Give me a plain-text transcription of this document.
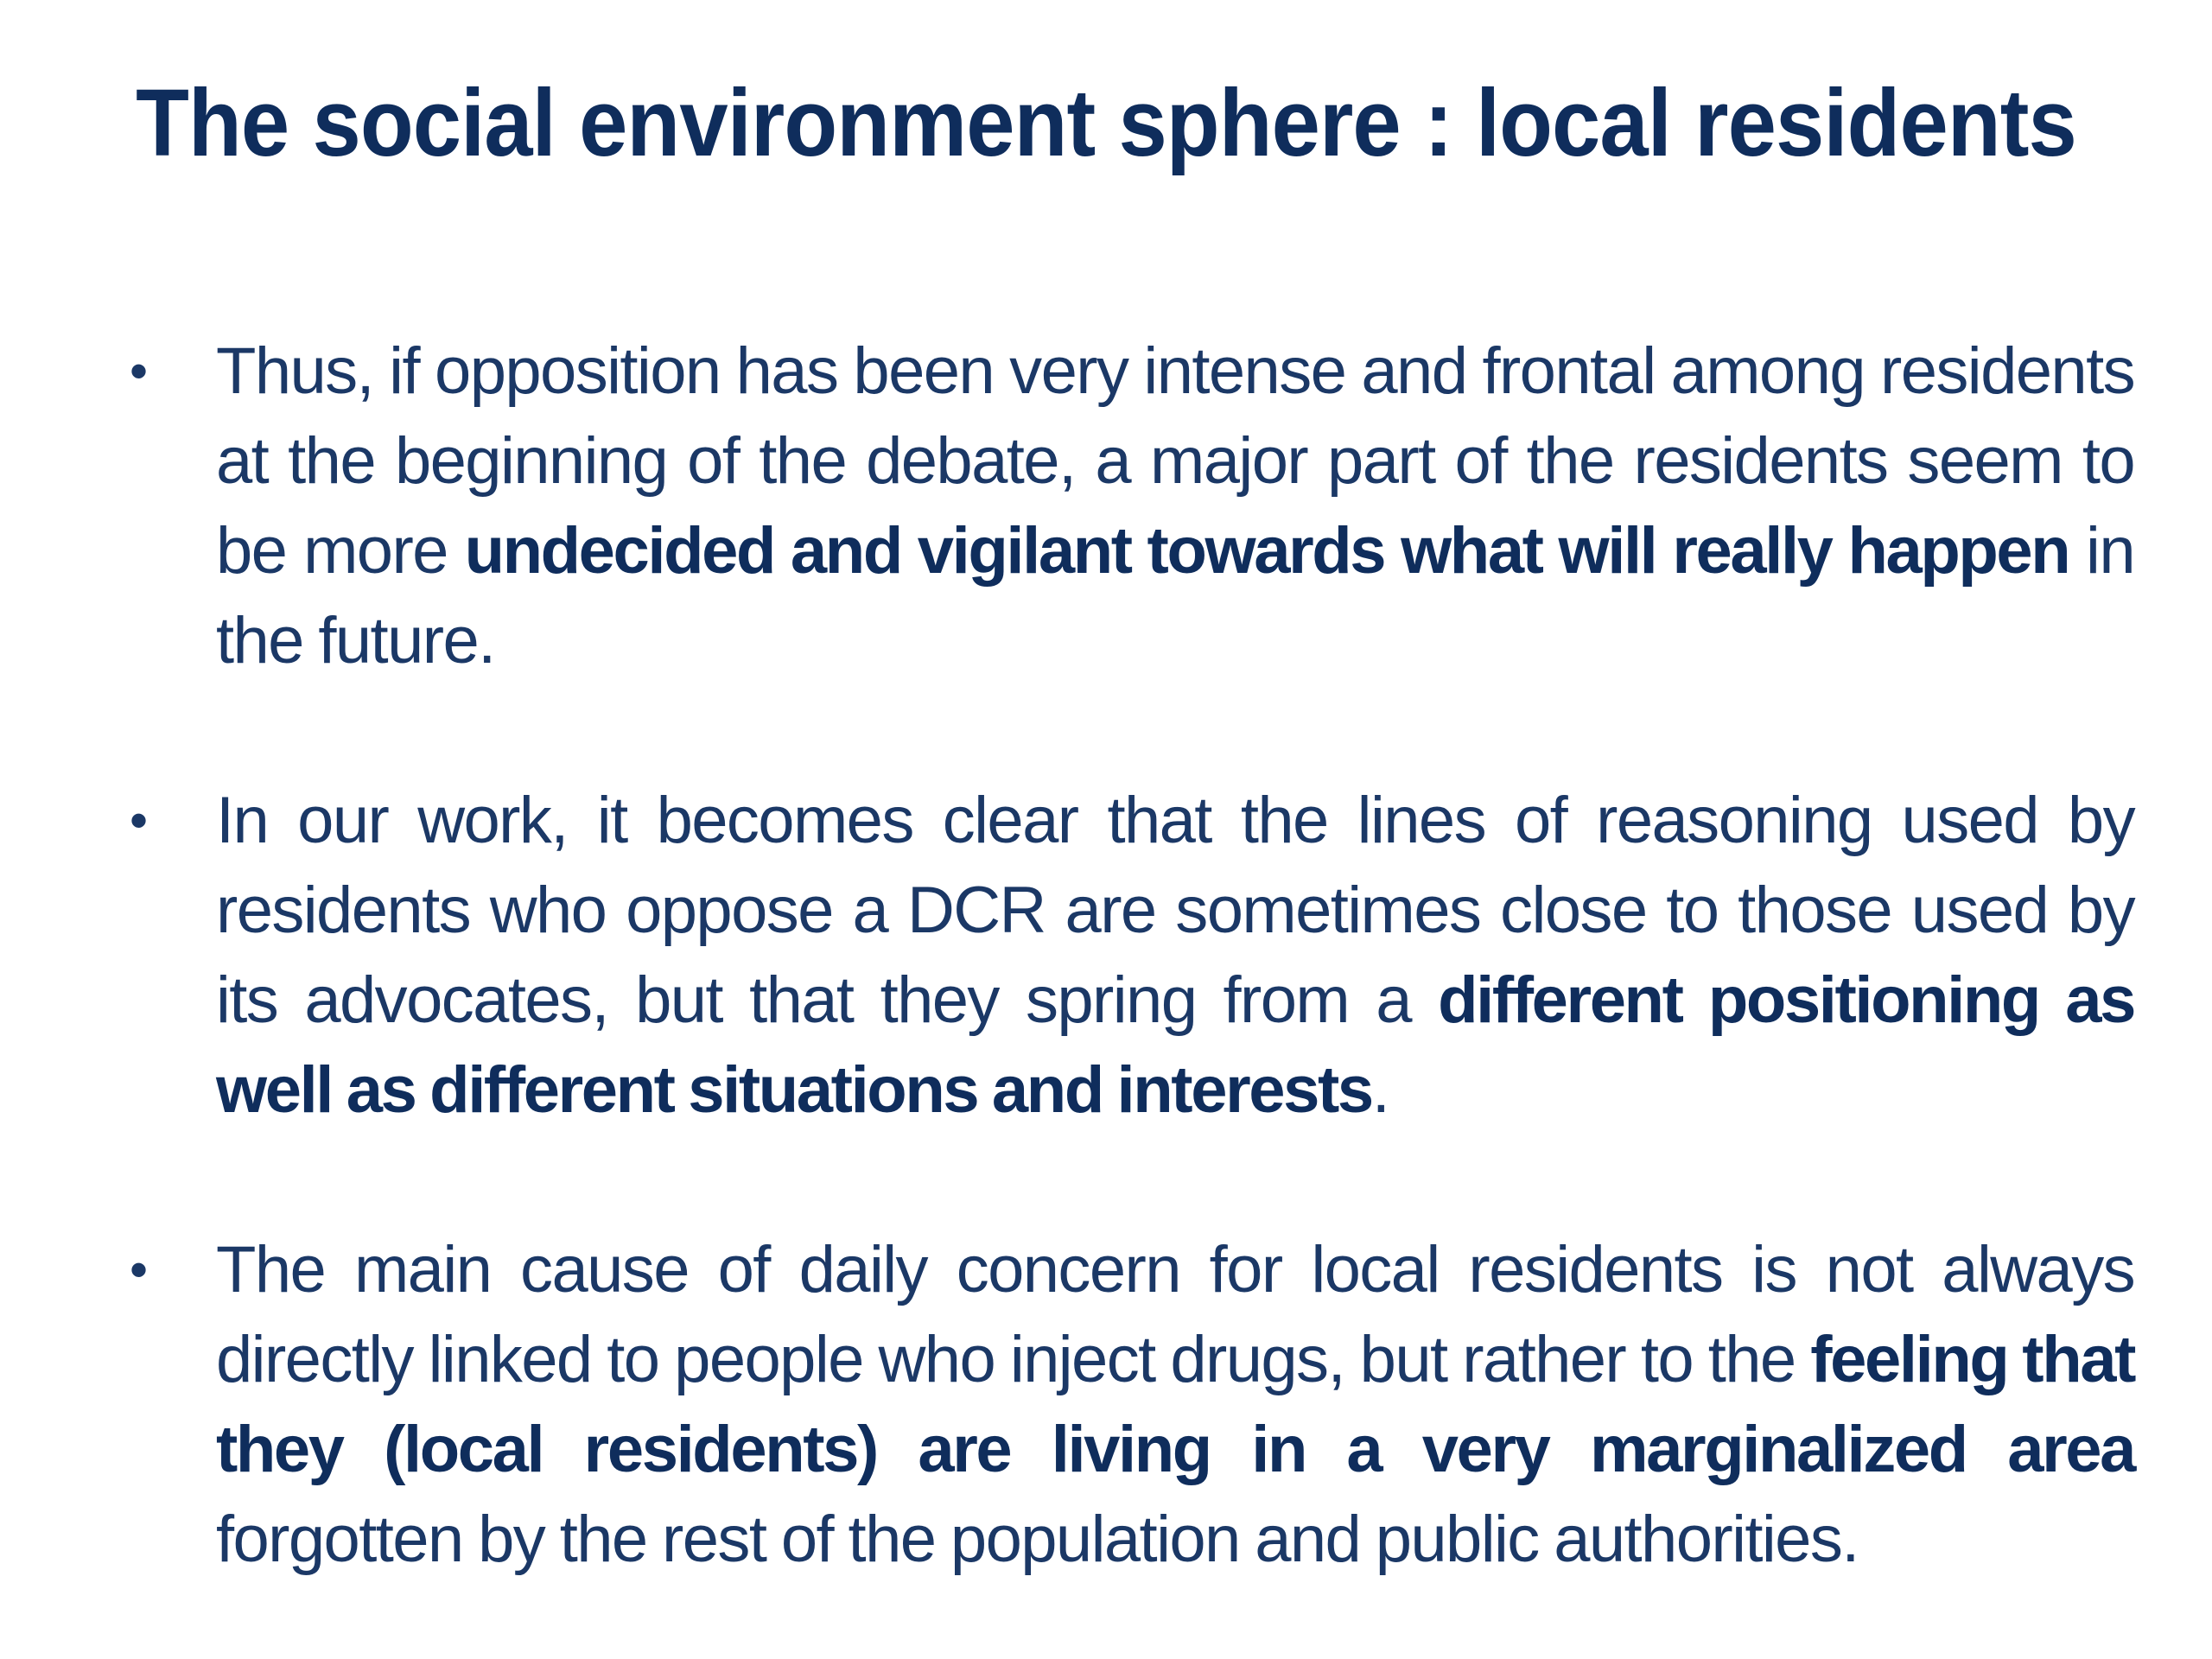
The social environment sphere : local residents
• Thus, if opposition has been very intense and frontal among residents at the beginning of the debate, a major part of the residents seem to be more undecided and vigilant towards what will really happen in the future.
• In our work, it becomes clear that the lines of reasoning used by residents who oppose a DCR are sometimes close to those used by its advocates, but that they spring from a different positioning as well as different situations and interests.
• The main cause of daily concern for local residents is not always directly linked to people who inject drugs, but rather to the feeling that they (local residents) are living in a very marginalized area forgotten by the rest of the population and public authorities.
